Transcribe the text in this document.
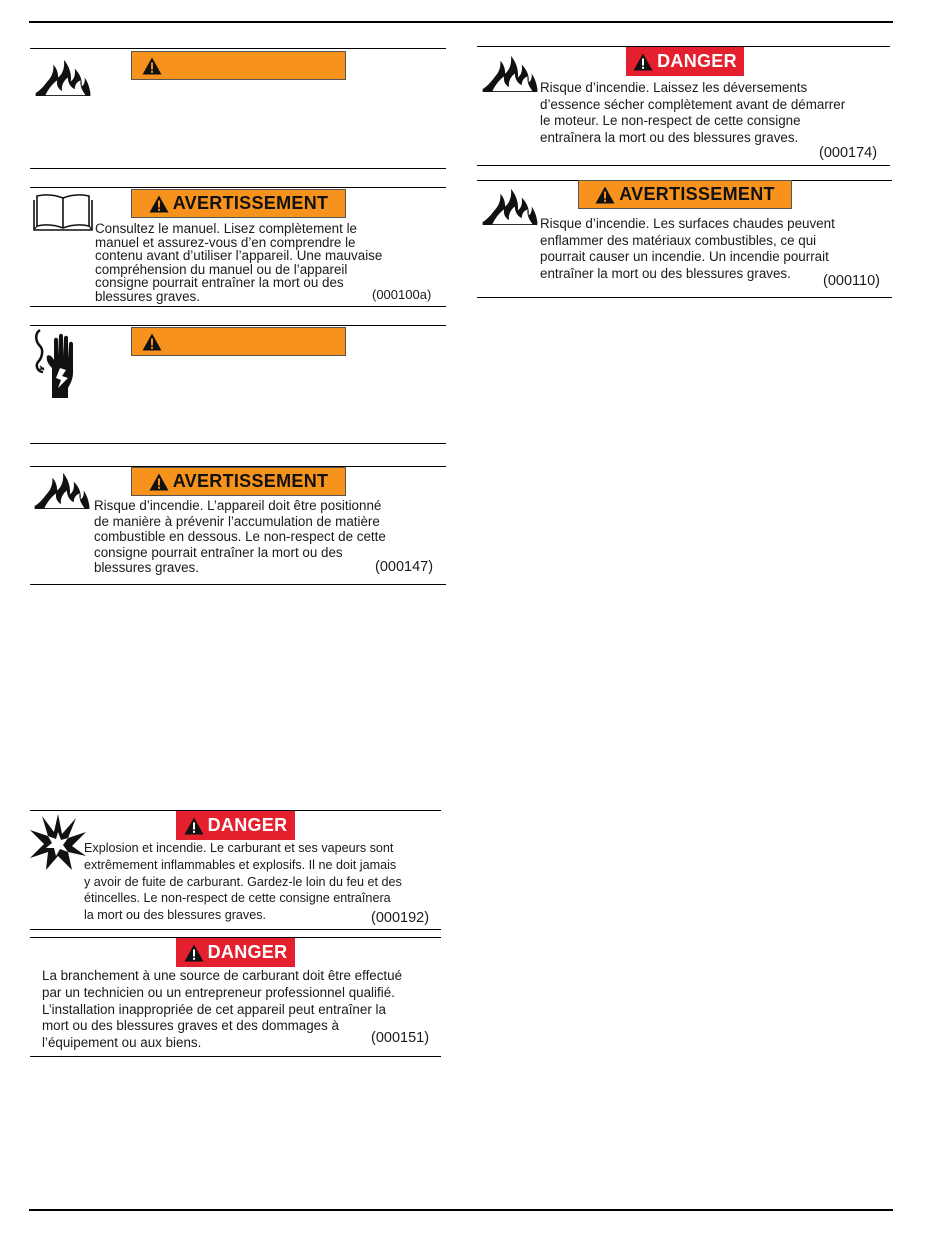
AVERTISSEMENT
Consultez le manuel. Lisez complètement le
manuel et assurez-vous d’en comprendre le
contenu avant d’utiliser l’appareil. Une mauvaise
compréhension du manuel ou de l’appareil
consigne pourrait entraîner la mort ou des
blessures graves.	(000100a)
AVERTISSEMENT
Risque d’incendie. L’appareil doit être positionné
de manière à prévenir l’accumulation de matière
combustible en dessous. Le non-respect de cette
consigne pourrait entraîner la mort ou des
blessures graves.	(000147)
DANGER
Explosion et incendie. Le carburant et ses vapeurs sont
extrêmement inflammables et explosifs. Il ne doit jamais
y avoir de fuite de carburant. Gardez-le loin du feu et des
étincelles. Le non-respect de cette consigne entraînera
la mort ou des blessures graves.	(000192)
DANGER
La branchement à une source de carburant doit être effectué
par un technicien ou un entrepreneur professionnel qualifié.
L’installation inappropriée de cet appareil peut entraîner la
mort ou des blessures graves et des dommages à
l’équipement ou aux biens.	(000151)
DANGER
Risque d’incendie. Laissez les déversements
d’essence sécher complètement avant de démarrer
le moteur. Le non-respect de cette consigne
entraînera la mort ou des blessures graves.
(000174)
AVERTISSEMENT
Risque d’incendie. Les surfaces chaudes peuvent
enflammer des matériaux combustibles, ce qui
pourrait causer un incendie. Un incendie pourrait
entraîner la mort ou des blessures graves.	(000110)
